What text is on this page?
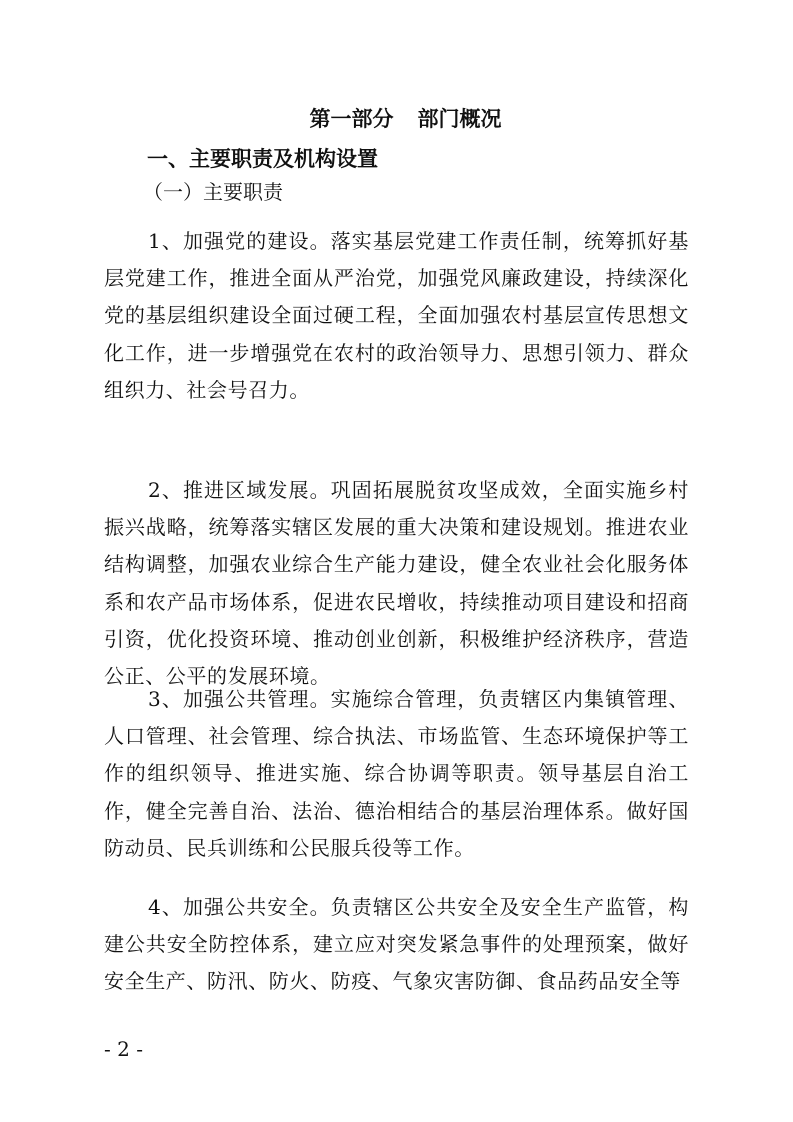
第一部分 部门概况
一、主要职责及机构设置
（一）主要职责

1、加强党的建设。落实基层党建工作责任制，统筹抓好基层党建工作，推进全面从严治党，加强党风廉政建设，持续深化党的基层组织建设全面过硬工程，全面加强农村基层宣传思想文化工作，进一步增强党在农村的政治领导力、思想引领力、群众组织力、社会号召力。

2、推进区域发展。巩固拓展脱贫攻坚成效，全面实施乡村振兴战略，统筹落实辖区发展的重大决策和建设规划。推进农业结构调整，加强农业综合生产能力建设，健全农业社会化服务体系和农产品市场体系，促进农民增收，持续推动项目建设和招商引资，优化投资环境、推动创业创新，积极维护经济秩序，营造公正、公平的发展环境。

3、加强公共管理。实施综合管理，负责辖区内集镇管理、人口管理、社会管理、综合执法、市场监管、生态环境保护等工作的组织领导、推进实施、综合协调等职责。领导基层自治工作，健全完善自治、法治、德治相结合的基层治理体系。做好国防动员、民兵训练和公民服兵役等工作。

4、加强公共安全。负责辖区公共安全及安全生产监管，构建公共安全防控体系，建立应对突发紧急事件的处理预案，做好安全生产、防汛、防火、防疫、气象灾害防御、食品药品安全等

- 2 -
